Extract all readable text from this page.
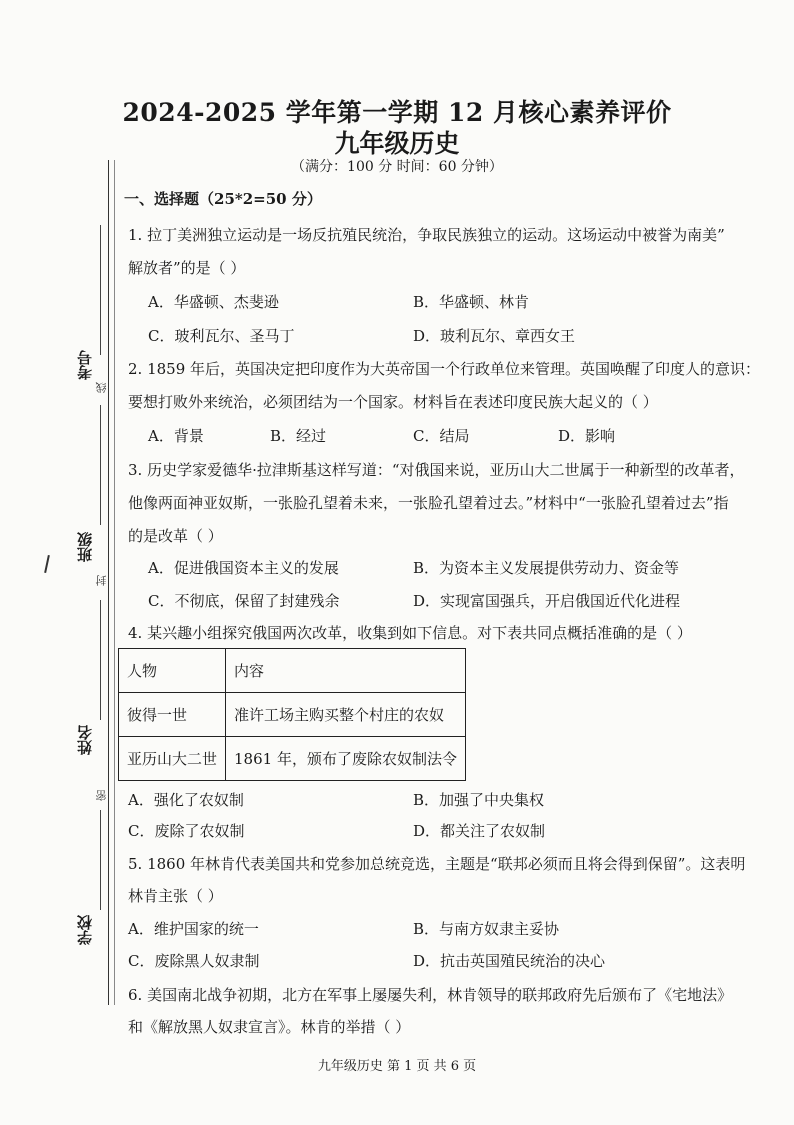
2024-2025 学年第一学期 12 月核心素养评价
九年级历史
（满分：100 分 时间：60 分钟）
考号
线
班级
封
姓名
密
学校
一、选择题（25*2=50 分）
1. 拉丁美洲独立运动是一场反抗殖民统治，争取民族独立的运动。这场运动中被誉为南美”
解放者”的是（ ）
A．华盛顿、杰斐逊	B．华盛顿、林肯
C．玻利瓦尔、圣马丁	D．玻利瓦尔、章西女王
2. 1859 年后，英国决定把印度作为大英帝国一个行政单位来管理。英国唤醒了印度人的意识：
要想打败外来统治，必须团结为一个国家。材料旨在表述印度民族大起义的（ ）
A．背景	B．经过	C．结局	D．影响
3. 历史学家爱德华·拉津斯基这样写道：“对俄国来说，亚历山大二世属于一种新型的改革者，
他像两面神亚奴斯，一张脸孔望着未来，一张脸孔望着过去。”材料中“一张脸孔望着过去”指
的是改革（ ）
A．促进俄国资本主义的发展	B．为资本主义发展提供劳动力、资金等
C．不彻底，保留了封建残余	D．实现富国强兵，开启俄国近代化进程
4. 某兴趣小组探究俄国两次改革，收集到如下信息。对下表共同点概括准确的是（ ）
人物	内容
彼得一世	准许工场主购买整个村庄的农奴
亚历山大二世	1861 年，颁布了废除农奴制法令
A．强化了农奴制	B．加强了中央集权
C．废除了农奴制	D．都关注了农奴制
5. 1860 年林肯代表美国共和党参加总统竞选，主题是“联邦必须而且将会得到保留”。这表明
林肯主张（ ）
A．维护国家的统一	B．与南方奴隶主妥协
C．废除黑人奴隶制	D．抗击英国殖民统治的决心
6. 美国南北战争初期，北方在军事上屡屡失利，林肯领导的联邦政府先后颁布了《宅地法》
和《解放黑人奴隶宣言》。林肯的举措（ ）
九年级历史 第 1 页 共 6 页
